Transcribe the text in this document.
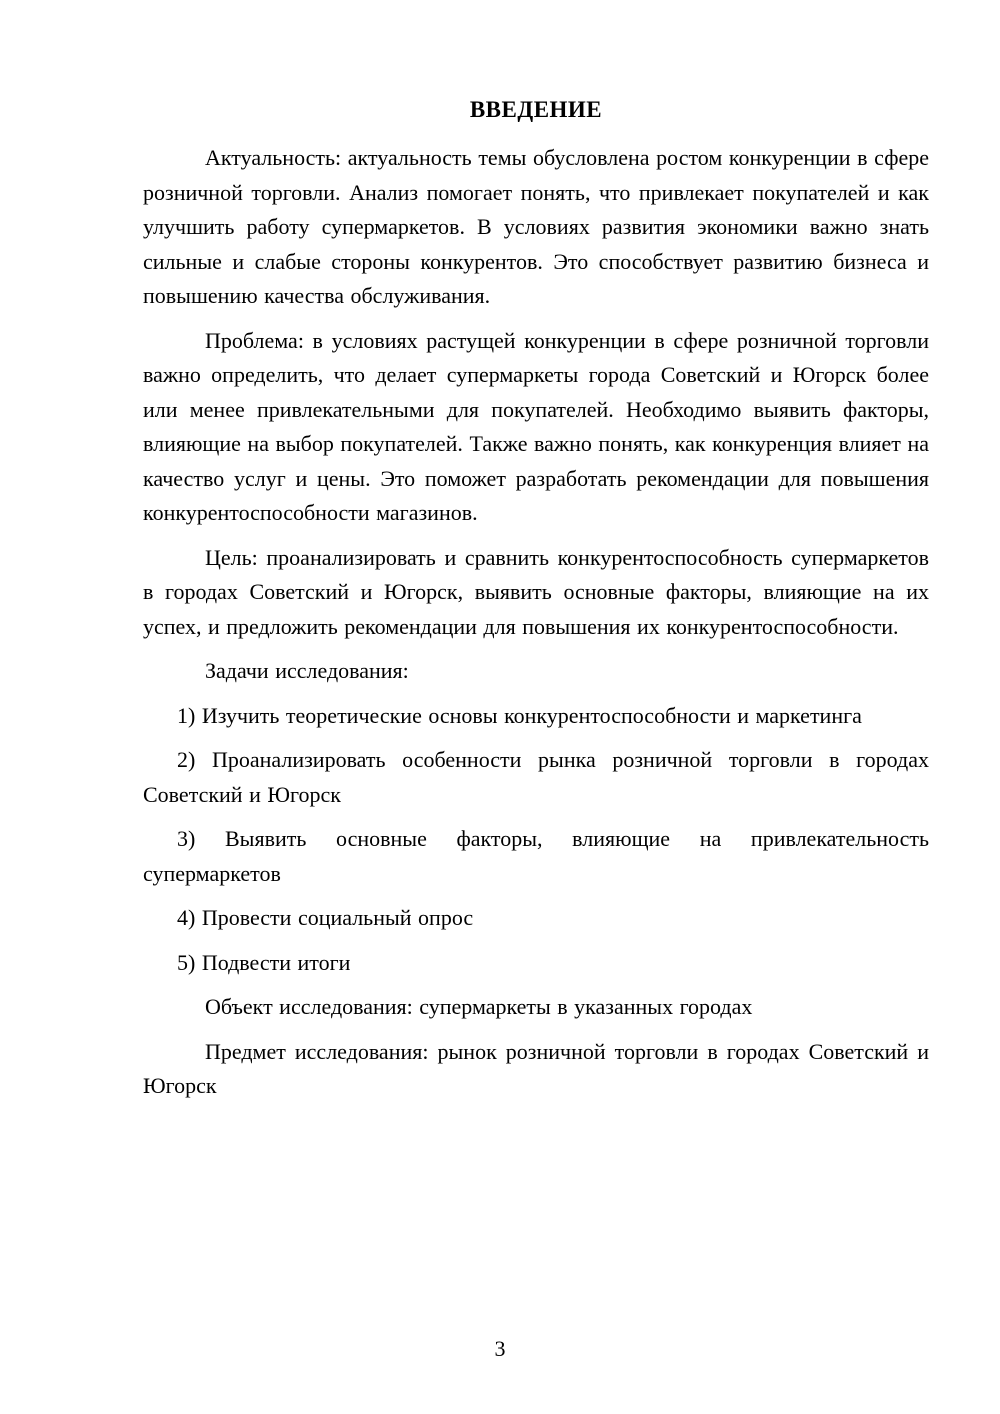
ВВЕДЕНИЕ

Актуальность: актуальность темы обусловлена ростом конкуренции в сфере розничной торговли. Анализ помогает понять, что привлекает покупателей и как улучшить работу супермаркетов. В условиях развития экономики важно знать сильные и слабые стороны конкурентов. Это способствует развитию бизнеса и повышению качества обслуживания.

Проблема: в условиях растущей конкуренции в сфере розничной торговли важно определить, что делает супермаркеты города Советский и Югорск более или менее привлекательными для покупателей. Необходимо выявить факторы, влияющие на выбор покупателей. Также важно понять, как конкуренция влияет на качество услуг и цены. Это поможет разработать рекомендации для повышения конкурентоспособности магазинов.

Цель: проанализировать и сравнить конкурентоспособность супермаркетов в городах Советский и Югорск, выявить основные факторы, влияющие на их успех, и предложить рекомендации для повышения их конкурентоспособности.

Задачи исследования:

1) Изучить теоретические основы конкурентоспособности и маркетинга

2) Проанализировать особенности рынка розничной торговли в городах Советский и Югорск

3) Выявить основные факторы, влияющие на привлекательность супермаркетов

4) Провести социальный опрос

5) Подвести итоги

Объект исследования: супермаркеты в указанных городах

Предмет исследования: рынок розничной торговли в городах Советский и Югорск

3
